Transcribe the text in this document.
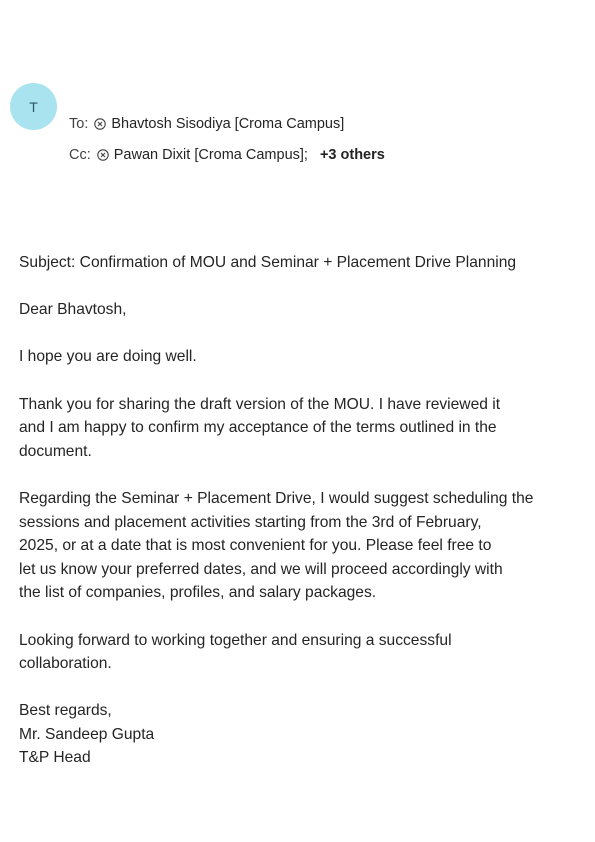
T
To: Bhavtosh Sisodiya [Croma Campus]
Cc: Pawan Dixit [Croma Campus]; +3 others

Subject: Confirmation of MOU and Seminar + Placement Drive Planning

Dear Bhavtosh,

I hope you are doing well.

Thank you for sharing the draft version of the MOU. I have reviewed it
and I am happy to confirm my acceptance of the terms outlined in the
document.

Regarding the Seminar + Placement Drive, I would suggest scheduling the
sessions and placement activities starting from the 3rd of February,
2025, or at a date that is most convenient for you. Please feel free to
let us know your preferred dates, and we will proceed accordingly with
the list of companies, profiles, and salary packages.

Looking forward to working together and ensuring a successful
collaboration.

Best regards,
Mr. Sandeep Gupta
T&P Head
